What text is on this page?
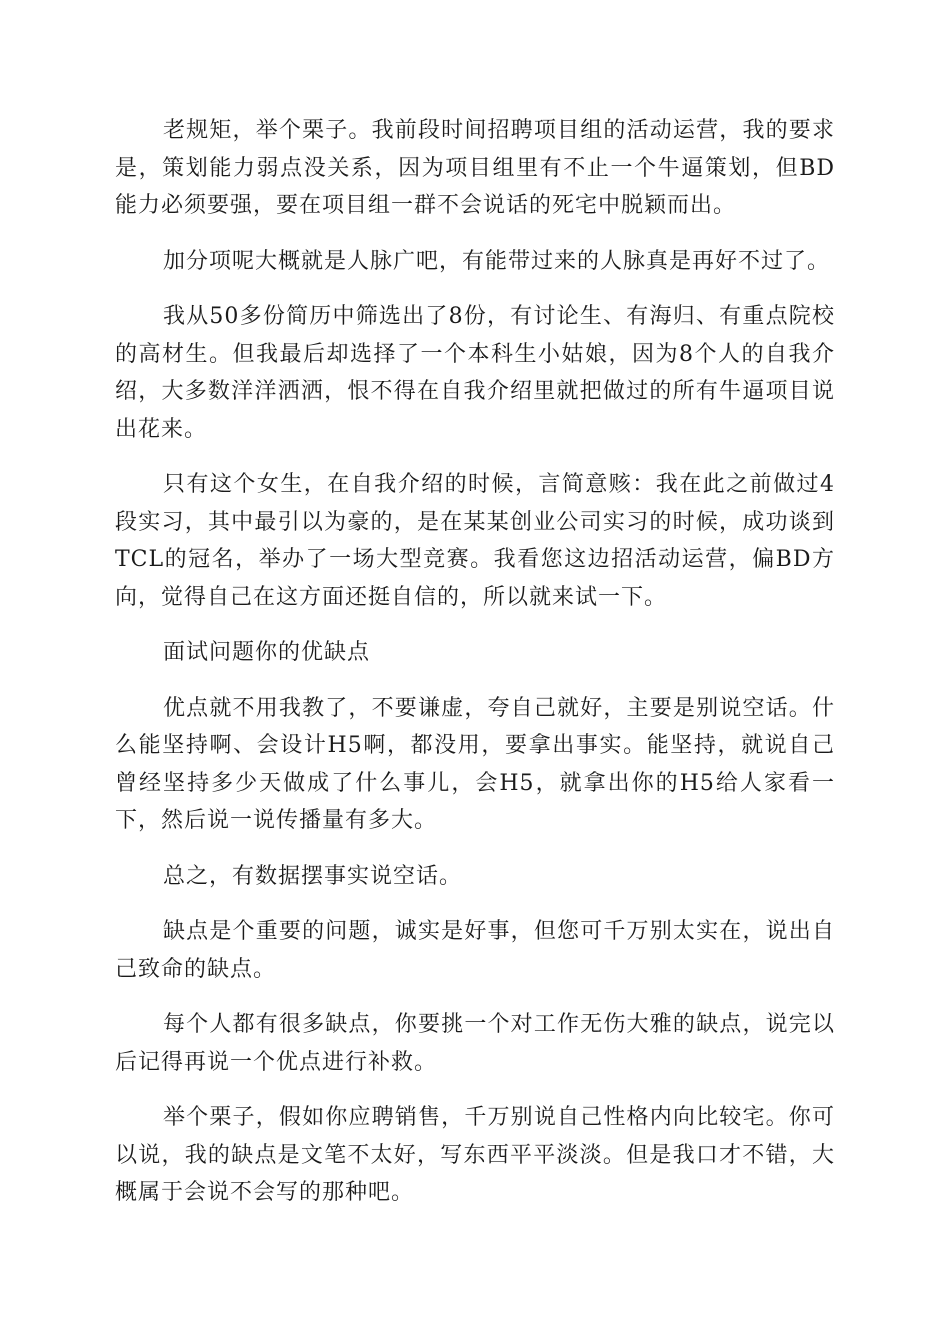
老规矩，举个栗子。我前段时间招聘项目组的活动运营，我的要求是，策划能力弱点没关系，因为项目组里有不止一个牛逼策划，但BD能力必须要强，要在项目组一群不会说话的死宅中脱颖而出。

加分项呢大概就是人脉广吧，有能带过来的人脉真是再好不过了。

我从50多份简历中筛选出了8份，有讨论生、有海归、有重点院校的高材生。但我最后却选择了一个本科生小姑娘，因为8个人的自我介绍，大多数洋洋洒洒，恨不得在自我介绍里就把做过的所有牛逼项目说出花来。

只有这个女生，在自我介绍的时候，言简意赅：我在此之前做过4段实习，其中最引以为豪的，是在某某创业公司实习的时候，成功谈到TCL的冠名，举办了一场大型竞赛。我看您这边招活动运营，偏BD方向，觉得自己在这方面还挺自信的，所以就来试一下。

面试问题你的优缺点

优点就不用我教了，不要谦虚，夸自己就好，主要是别说空话。什么能坚持啊、会设计H5啊，都没用，要拿出事实。能坚持，就说自己曾经坚持多少天做成了什么事儿，会H5，就拿出你的H5给人家看一下，然后说一说传播量有多大。

总之，有数据摆事实说空话。

缺点是个重要的问题，诚实是好事，但您可千万别太实在，说出自己致命的缺点。

每个人都有很多缺点，你要挑一个对工作无伤大雅的缺点，说完以后记得再说一个优点进行补救。

举个栗子，假如你应聘销售，千万别说自己性格内向比较宅。你可以说，我的缺点是文笔不太好，写东西平平淡淡。但是我口才不错，大概属于会说不会写的那种吧。
